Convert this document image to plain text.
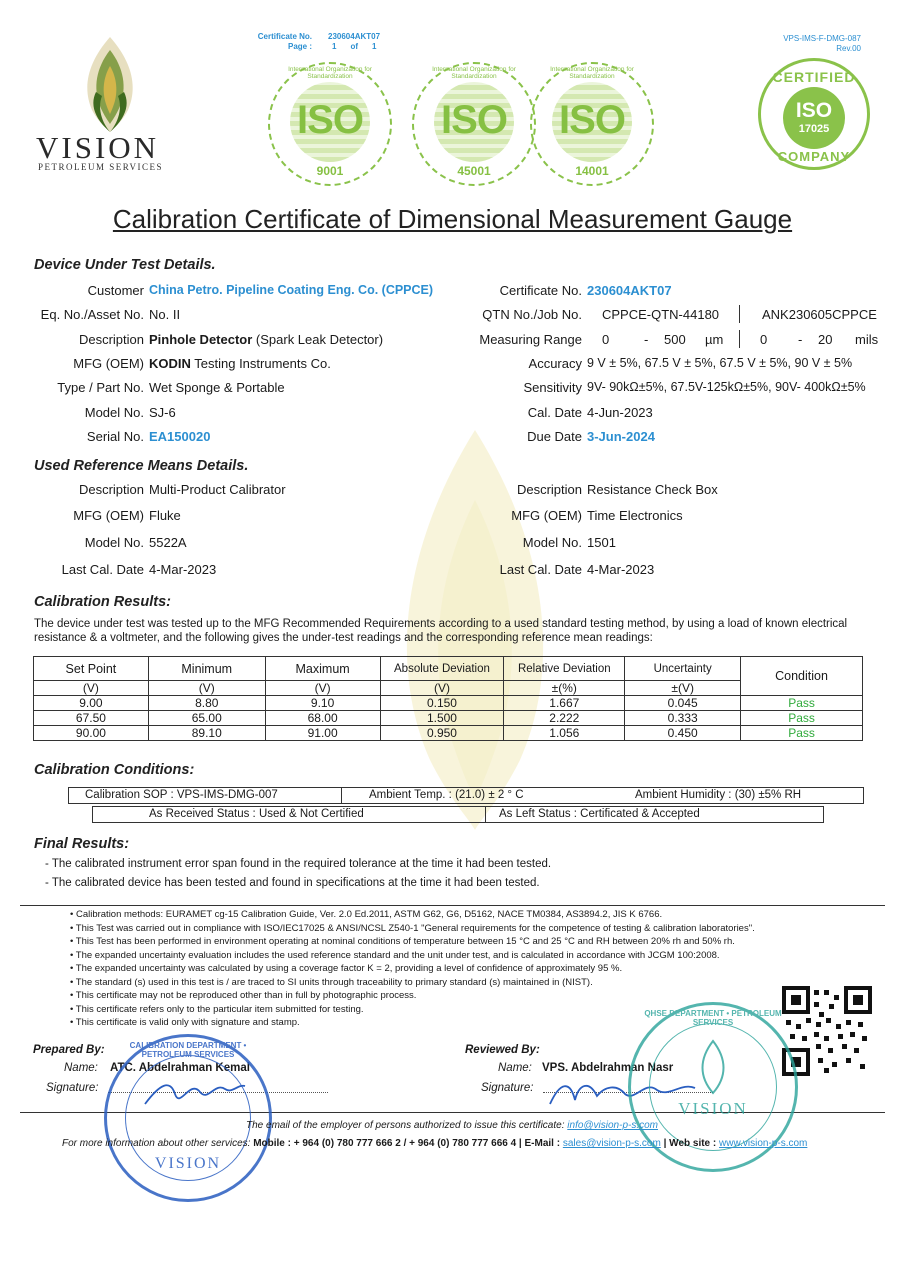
VISION
PETROLEUM SERVICES
Certificate No. 230604AKT07
Page :	1 of 1
VPS-IMS-F-DMG-087
Rev.00
International Organization for Standardization
ISO
9001
International Organization for Standardization
ISO
45001
International Organization for Standardization
ISO
14001
CERTIFIED
ISO
17025
COMPANY
Calibration Certificate of Dimensional Measurement Gauge
Device Under Test Details.
Customer China Petro. Pipeline Coating Eng. Co. (CPPCE)
Eq. No./Asset No. No. II
Description Pinhole Detector (Spark Leak Detector)
MFG (OEM) KODIN Testing Instruments Co.
Type / Part No. Wet Sponge & Portable
Model No. SJ-6
Serial No. EA150020
Certificate No. 230604AKT07
QTN No./Job No. CPPCE-QTN-44180	ANK230605CPPCE
Measuring Range 0	- 500 µm	0 - 20 mils
Accuracy 9 V ± 5%, 67.5 V ± 5%, 67.5 V ± 5%, 90 V ± 5%
Sensitivity 9V- 90kΩ±5%, 67.5V-125kΩ±5%, 90V- 400kΩ±5%
Cal. Date 4-Jun-2023
Due Date 3-Jun-2024
Used Reference Means Details.
Description Multi-Product Calibrator
MFG (OEM) Fluke
Model No. 5522A
Last Cal. Date 4-Mar-2023
Description Resistance Check Box
MFG (OEM) Time Electronics
Model No. 1501
Last Cal. Date 4-Mar-2023
Calibration Results:
The device under test was tested up to the MFG Recommended Requirements according to a used standard testing method, by using a load of known electrical resistance & a voltmeter, and the following gives the under-test readings and the corresponding reference mean readings:
Set Point	Minimum	Maximum	Absolute Deviation	Relative Deviation	Uncertainty	Condition
(V)	(V)	(V)	(V)	±(%)	±(V)	
9.00	8.80	9.10	0.150	1.667	0.045	Pass
67.50	65.00	68.00	1.500	2.222	0.333	Pass
90.00	89.10	91.00	0.950	1.056	0.450	Pass
Calibration Conditions:
Calibration SOP : VPS-IMS-DMG-007	Ambient Temp. : (21.0) ± 2 ° C	Ambient Humidity : (30) ±5% RH
As Received Status : Used & Not Certified	As Left Status : Certificated & Accepted
Final Results:
- The calibrated instrument error span found in the required tolerance at the time it had been tested.
- The calibrated device has been tested and found in specifications at the time it had been tested.
• Calibration methods: EURAMET cg-15 Calibration Guide, Ver. 2.0 Ed.2011, ASTM G62, G6, D5162, NACE TM0384, AS3894.2, JIS K 6766.
• This Test was carried out in compliance with ISO/IEC17025 & ANSI/NCSL Z540-1 "General requirements for the competence of testing & calibration laboratories".
• This Test has been performed in environment operating at nominal conditions of temperature between 15 °C and 25 °C and RH between 20% rh and 50% rh.
• The expanded uncertainty evaluation includes the used reference standard and the unit under test, and is calculated in accordance with JCGM 100:2008.
• The expanded uncertainty was calculated by using a coverage factor K = 2, providing a level of confidence of approximately 95 %.
• The standard (s) used in this test is / are traced to SI units through traceability to primary standard (s) maintained in (NIST).
• This certificate may not be reproduced other than in full by photographic process.
• This certificate refers only to the particular item submitted for testing.
• This certificate is valid only with signature and stamp.
Prepared By:
Name: ATC. Abdelrahman Kemal
Signature:
Reviewed By:
Name: VPS. Abdelrahman Nasr
Signature:
CALIBRATION DEPARTMENT • PETROLEUM SERVICES
VISION
QHSE DEPARTMENT • PETROLEUM SERVICES
VISION
The email of the employer of persons authorized to issue this certificate: info@vision-p-s.com
For more information about other services: Mobile : + 964 (0) 780 777 666 2 / + 964 (0) 780 777 666 4 | E-Mail : sales@vision-p-s.com | Web site : www.vision-p-s.com
